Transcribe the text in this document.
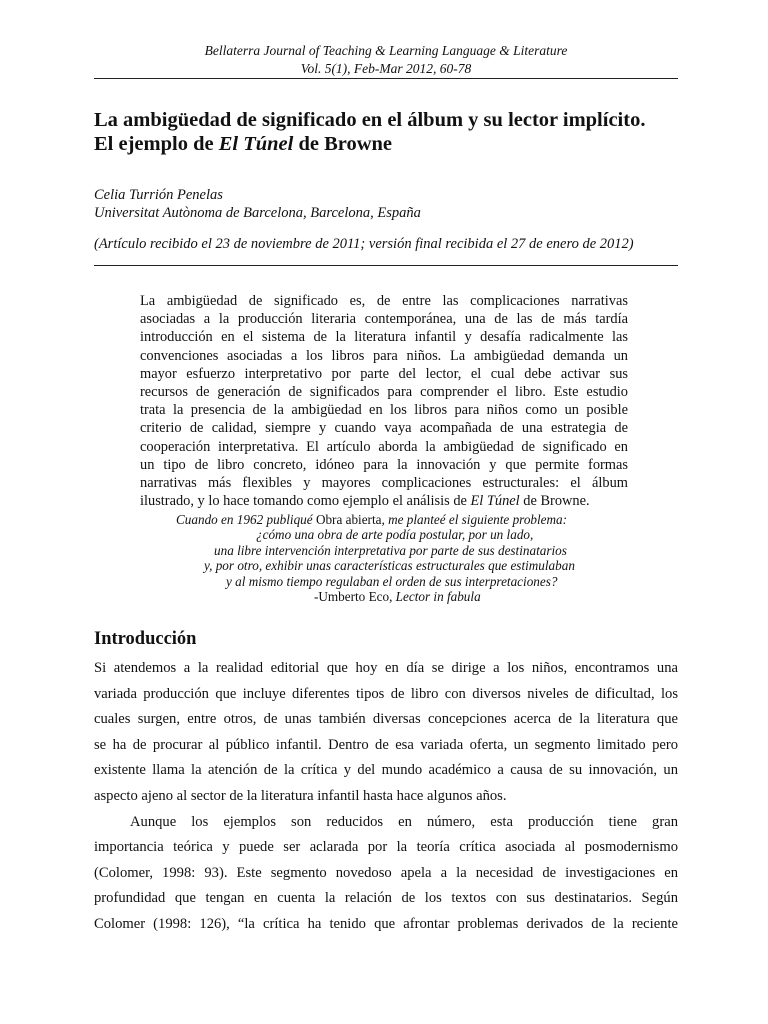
Bellaterra Journal of Teaching & Learning Language & Literature
Vol. 5(1), Feb-Mar 2012, 60-78
La ambigüedad de significado en el álbum y su lector implícito.
El ejemplo de El Túnel de Browne
Celia Turrión Penelas
Universitat Autònoma de Barcelona, Barcelona, España
(Artículo recibido el 23 de noviembre de 2011; versión final recibida el 27 de enero de 2012)
La ambigüedad de significado es, de entre las complicaciones narrativas
asociadas a la producción literaria contemporánea, una de las de más tardía
introducción en el sistema de la literatura infantil y desafía radicalmente las
convenciones asociadas a los libros para niños. La ambigüedad demanda un
mayor esfuerzo interpretativo por parte del lector, el cual debe activar sus
recursos de generación de significados para comprender el libro. Este estudio
trata la presencia de la ambigüedad en los libros para niños como un posible
criterio de calidad, siempre y cuando vaya acompañada de una estrategia de
cooperación interpretativa. El artículo aborda la ambigüedad de significado en
un tipo de libro concreto, idóneo para la innovación y que permite formas
narrativas más flexibles y mayores complicaciones estructurales: el álbum
ilustrado, y lo hace tomando como ejemplo el análisis de El Túnel de Browne.
Cuando en 1962 publiqué Obra abierta, me planteé el siguiente problema:
¿cómo una obra de arte podía postular, por un lado,
una libre intervención interpretativa por parte de sus destinatarios
y, por otro, exhibir unas características estructurales que estimulaban
y al mismo tiempo regulaban el orden de sus interpretaciones?
-Umberto Eco, Lector in fabula
Introducción
Si atendemos a la realidad editorial que hoy en día se dirige a los niños, encontramos una
variada producción que incluye diferentes tipos de libro con diversos niveles de dificultad, los
cuales surgen, entre otros, de unas también diversas concepciones acerca de la literatura que
se ha de procurar al público infantil. Dentro de esa variada oferta, un segmento limitado pero
existente llama la atención de la crítica y del mundo académico a causa de su innovación, un
aspecto ajeno al sector de la literatura infantil hasta hace algunos años.
Aunque los ejemplos son reducidos en número, esta producción tiene gran
importancia teórica y puede ser aclarada por la teoría crítica asociada al posmodernismo
(Colomer, 1998: 93). Este segmento novedoso apela a la necesidad de investigaciones en
profundidad que tengan en cuenta la relación de los textos con sus destinatarios. Según
Colomer (1998: 126), “la crítica ha tenido que afrontar problemas derivados de la reciente
